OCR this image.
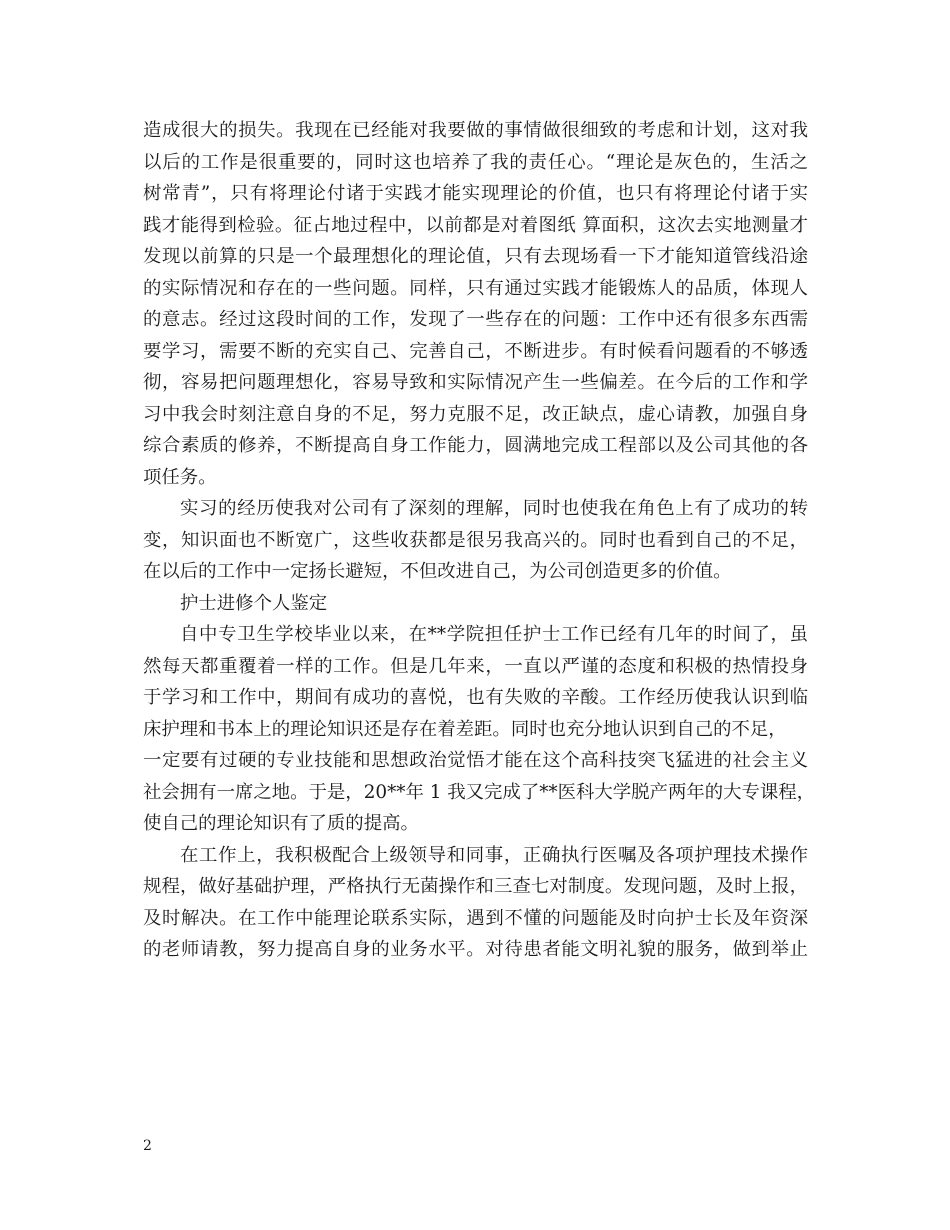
造成很大的损失。我现在已经能对我要做的事情做很细致的考虑和计划，这对我
以后的工作是很重要的，同时这也培养了我的责任心。“理论是灰色的，生活之
树常青”，只有将理论付诸于实践才能实现理论的价值，也只有将理论付诸于实
践才能得到检验。征占地过程中，以前都是对着图纸 算面积，这次去实地测量才
发现以前算的只是一个最理想化的理论值，只有去现场看一下才能知道管线沿途
的实际情况和存在的一些问题。同样，只有通过实践才能锻炼人的品质，体现人
的意志。经过这段时间的工作，发现了一些存在的问题：工作中还有很多东西需
要学习，需要不断的充实自己、完善自己，不断进步。有时候看问题看的不够透
彻，容易把问题理想化，容易导致和实际情况产生一些偏差。在今后的工作和学
习中我会时刻注意自身的不足，努力克服不足，改正缺点，虚心请教，加强自身
综合素质的修养，不断提高自身工作能力，圆满地完成工程部以及公司其他的各
项任务。
实习的经历使我对公司有了深刻的理解，同时也使我在角色上有了成功的转
变，知识面也不断宽广，这些收获都是很另我高兴的。同时也看到自己的不足，
在以后的工作中一定扬长避短，不但改进自己，为公司创造更多的价值。
护士进修个人鉴定
自中专卫生学校毕业以来，在**学院担任护士工作已经有几年的时间了，虽
然每天都重覆着一样的工作。但是几年来，一直以严谨的态度和积极的热情投身
于学习和工作中，期间有成功的喜悦，也有失败的辛酸。工作经历使我认识到临
床护理和书本上的理论知识还是存在着差距。同时也充分地认识到自己的不足，
一定要有过硬的专业技能和思想政治觉悟才能在这个高科技突飞猛进的社会主义
社会拥有一席之地。于是，20**年 1 我又完成了**医科大学脱产两年的大专课程，
使自己的理论知识有了质的提高。
在工作上，我积极配合上级领导和同事，正确执行医嘱及各项护理技术操作
规程，做好基础护理，严格执行无菌操作和三查七对制度。发现问题，及时上报，
及时解决。在工作中能理论联系实际，遇到不懂的问题能及时向护士长及年资深
的老师请教，努力提高自身的业务水平。对待患者能文明礼貌的服务，做到举止
2
